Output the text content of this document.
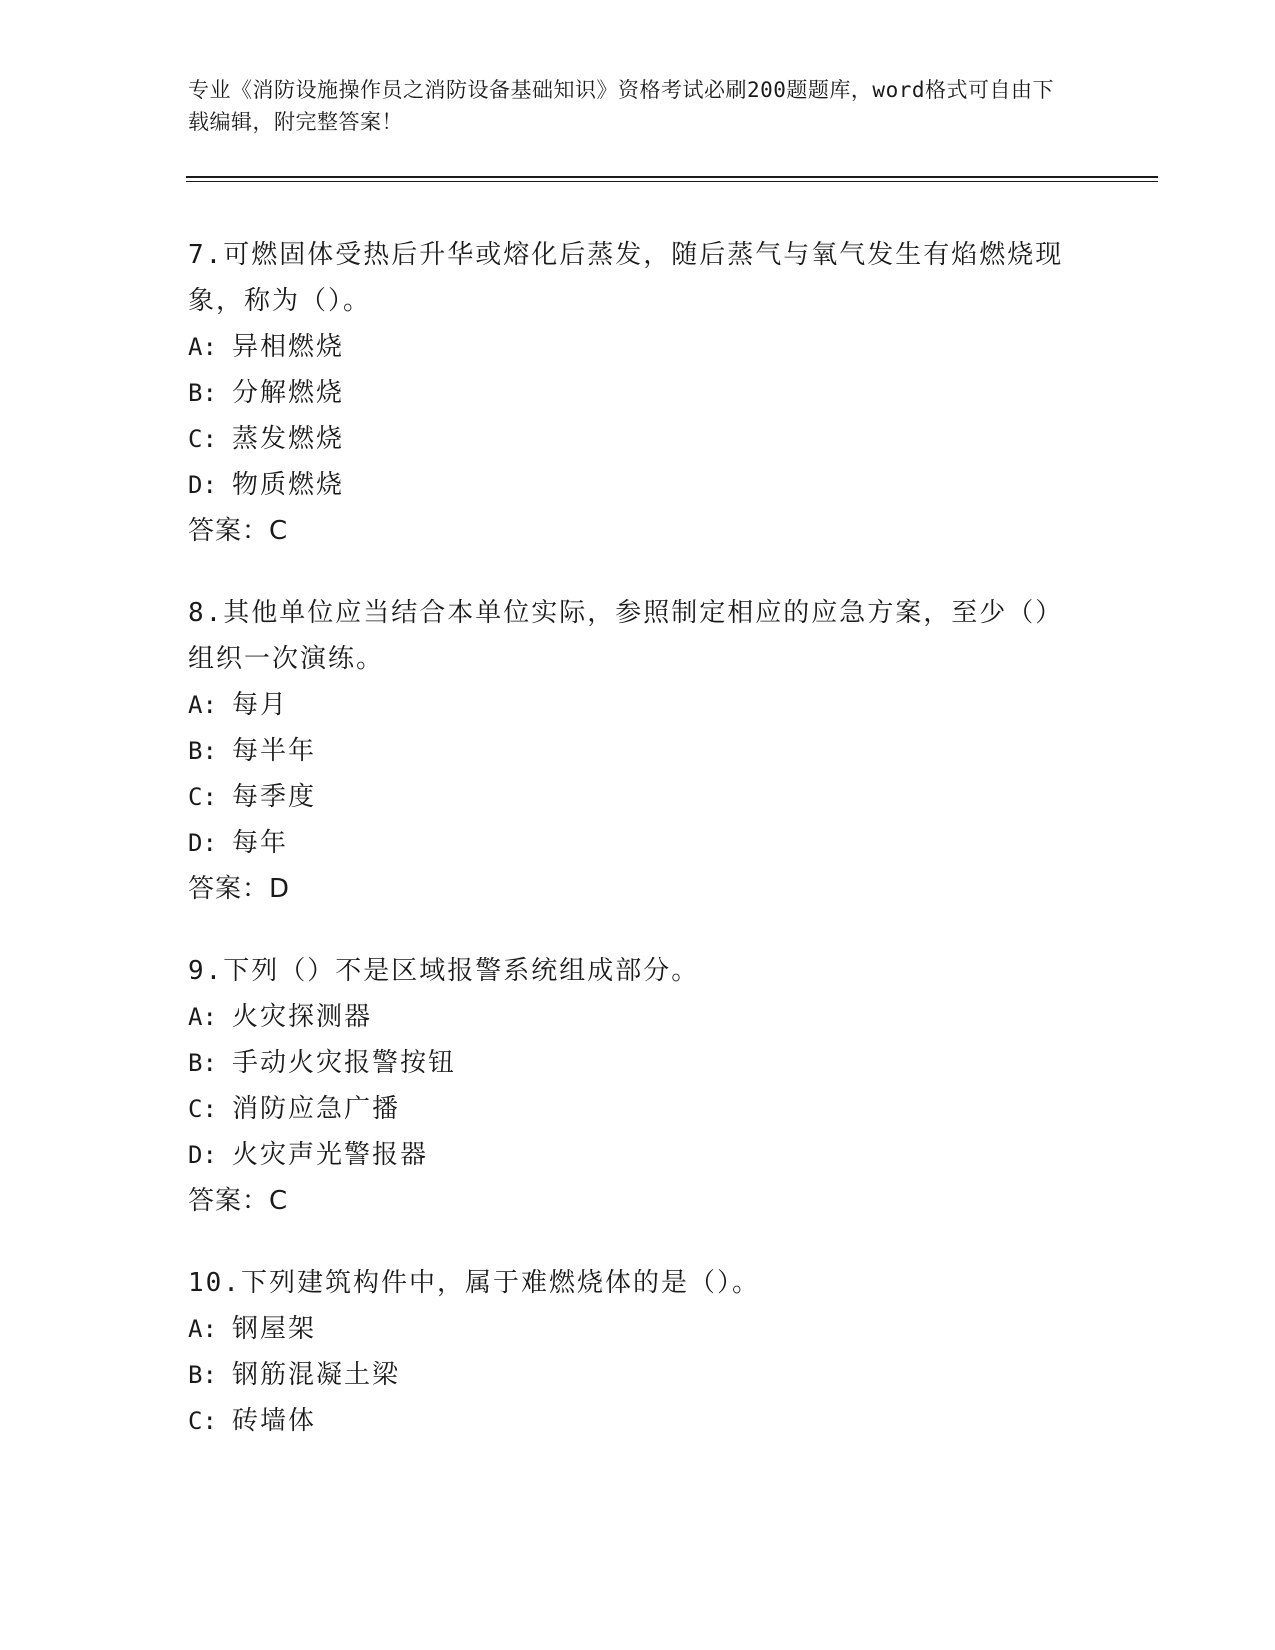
专业《消防设施操作员之消防设备基础知识》资格考试必刷200题题库，word格式可自由下载编辑，附完整答案！

7.可燃固体受热后升华或熔化后蒸发，随后蒸气与氧气发生有焰燃烧现象，称为（）。

A: 异相燃烧

B: 分解燃烧

C: 蒸发燃烧

D: 物质燃烧

答案：C

8.其他单位应当结合本单位实际，参照制定相应的应急方案，至少（）组织一次演练。

A: 每月

B: 每半年

C: 每季度

D: 每年

答案：D

9.下列（）不是区域报警系统组成部分。

A: 火灾探测器

B: 手动火灾报警按钮

C: 消防应急广播

D: 火灾声光警报器

答案：C

10.下列建筑构件中，属于难燃烧体的是（）。

A: 钢屋架

B: 钢筋混凝土梁

C: 砖墙体
